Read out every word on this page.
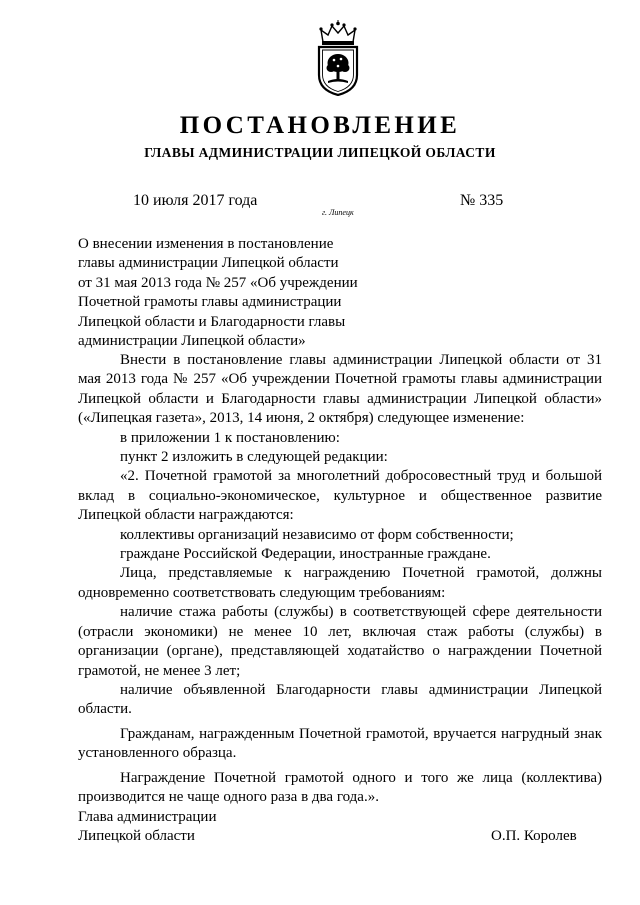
ПОСТАНОВЛЕНИЕ
ГЛАВЫ АДМИНИСТРАЦИИ ЛИПЕЦКОЙ ОБЛАСТИ
10 июля 2017 года
г. Липецк
№ 335
О внесении изменения в постановление
главы администрации Липецкой области
от 31 мая 2013 года № 257 «Об учреждении
Почетной грамоты главы администрации
Липецкой области и Благодарности главы
администрации Липецкой области»

Внести в постановление главы администрации Липецкой области от 31 мая 2013 года № 257 «Об учреждении Почетной грамоты главы администрации Липецкой области и Благодарности главы администрации Липецкой области» («Липецкая газета», 2013, 14 июня, 2 октября) следующее изменение:

в приложении 1 к постановлению:

пункт 2 изложить в следующей редакции:

«2. Почетной грамотой за многолетний добросовестный труд и большой вклад в социально-экономическое, культурное и общественное развитие Липецкой области награждаются:

коллективы организаций независимо от форм собственности;

граждане Российской Федерации, иностранные граждане.

Лица, представляемые к награждению Почетной грамотой, должны одновременно соответствовать следующим требованиям:

наличие стажа работы (службы) в соответствующей сфере деятельности (отрасли экономики) не менее 10 лет, включая стаж работы (службы) в организации (органе), представляющей ходатайство о награждении Почетной грамотой, не менее 3 лет;

наличие объявленной Благодарности главы администрации Липецкой области.

Гражданам, награжденным Почетной грамотой, вручается нагрудный знак установленного образца.

Награждение Почетной грамотой одного и того же лица (коллектива) производится не чаще одного раза в два года.».

Глава администрации
Липецкой области	О.П. Королев
